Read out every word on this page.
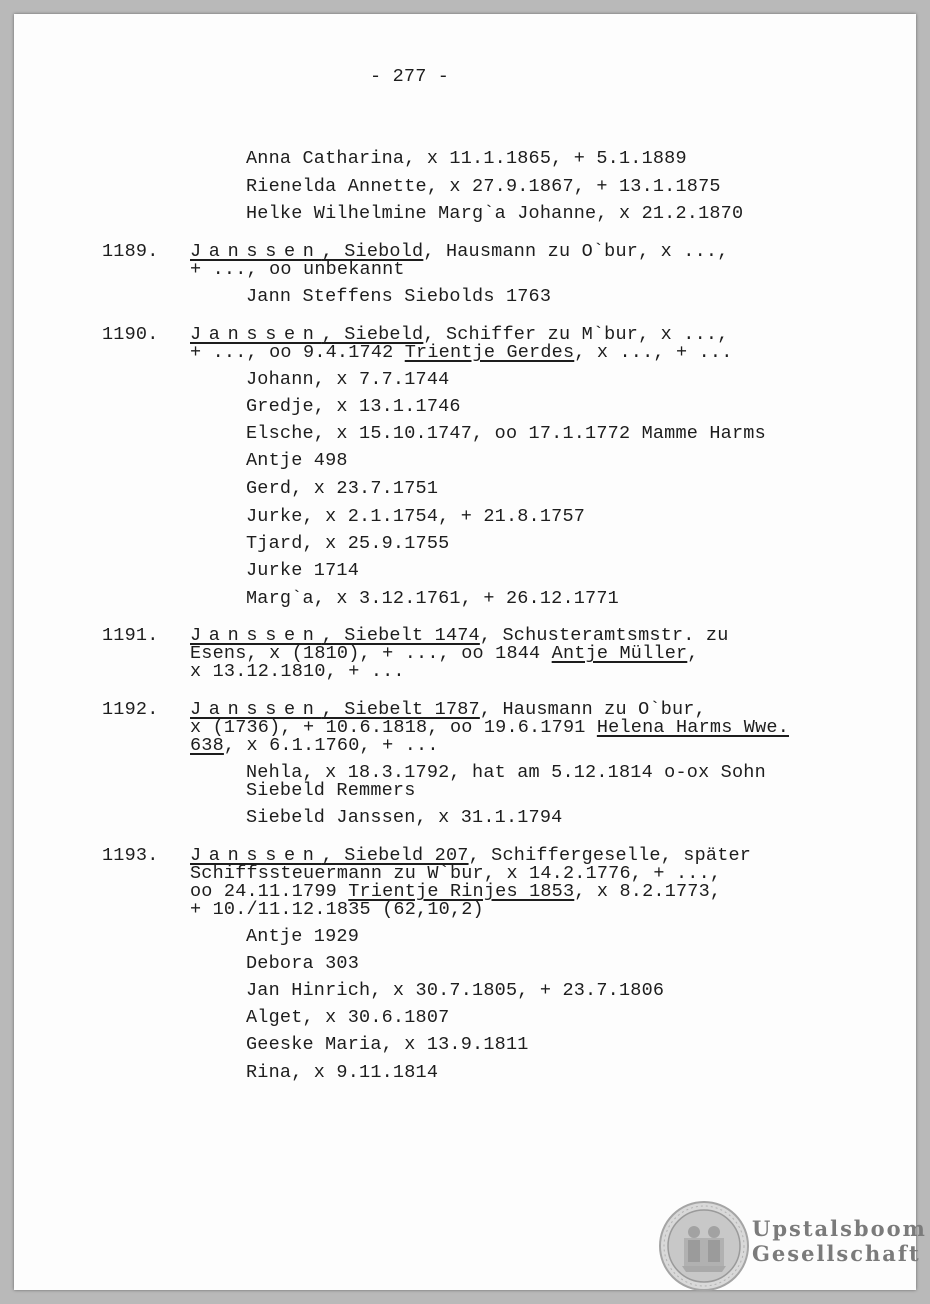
- 277 -
Anna Catharina, x 11.1.1865, + 5.1.1889
Rienelda Annette, x 27.9.1867, + 13.1.1875
Helke Wilhelmine Marg`a Johanne, x 21.2.1870
1189. Janssen, Siebold, Hausmann zu O`bur, x ...,
+ ..., oo unbekannt
Jann Steffens Siebolds 1763
1190. Janssen, Siebeld, Schiffer zu M`bur, x ...,
+ ..., oo 9.4.1742 Trientje Gerdes, x ..., + ...
Johann, x 7.7.1744
Gredje, x 13.1.1746
Elsche, x 15.10.1747, oo 17.1.1772 Mamme Harms
Antje 498
Gerd, x 23.7.1751
Jurke, x 2.1.1754, + 21.8.1757
Tjard, x 25.9.1755
Jurke 1714
Marg`a, x 3.12.1761, + 26.12.1771
1191. Janssen, Siebelt 1474, Schusteramtsmstr. zu
Esens, x (1810), + ..., oo 1844 Antje Müller,
x 13.12.1810, + ...
1192. Janssen, Siebelt 1787, Hausmann zu O`bur,
x (1736), + 10.6.1818, oo 19.6.1791 Helena Harms Wwe.
638, x 6.1.1760, + ...
Nehla, x 18.3.1792, hat am 5.12.1814 o-ox Sohn
Siebeld Remmers
Siebeld Janssen, x 31.1.1794
1193. Janssen, Siebeld 207, Schiffergeselle, später
Schiffssteuermann zu W`bur, x 14.2.1776, + ...,
oo 24.11.1799 Trientje Rinjes 1853, x 8.2.1773,
+ 10./11.12.1835 (62,10,2)
Antje 1929
Debora 303
Jan Hinrich, x 30.7.1805, + 23.7.1806
Alget, x 30.6.1807
Geeske Maria, x 13.9.1811
Rina, x 9.11.1814
Upstalsboom
Gesellschaft
